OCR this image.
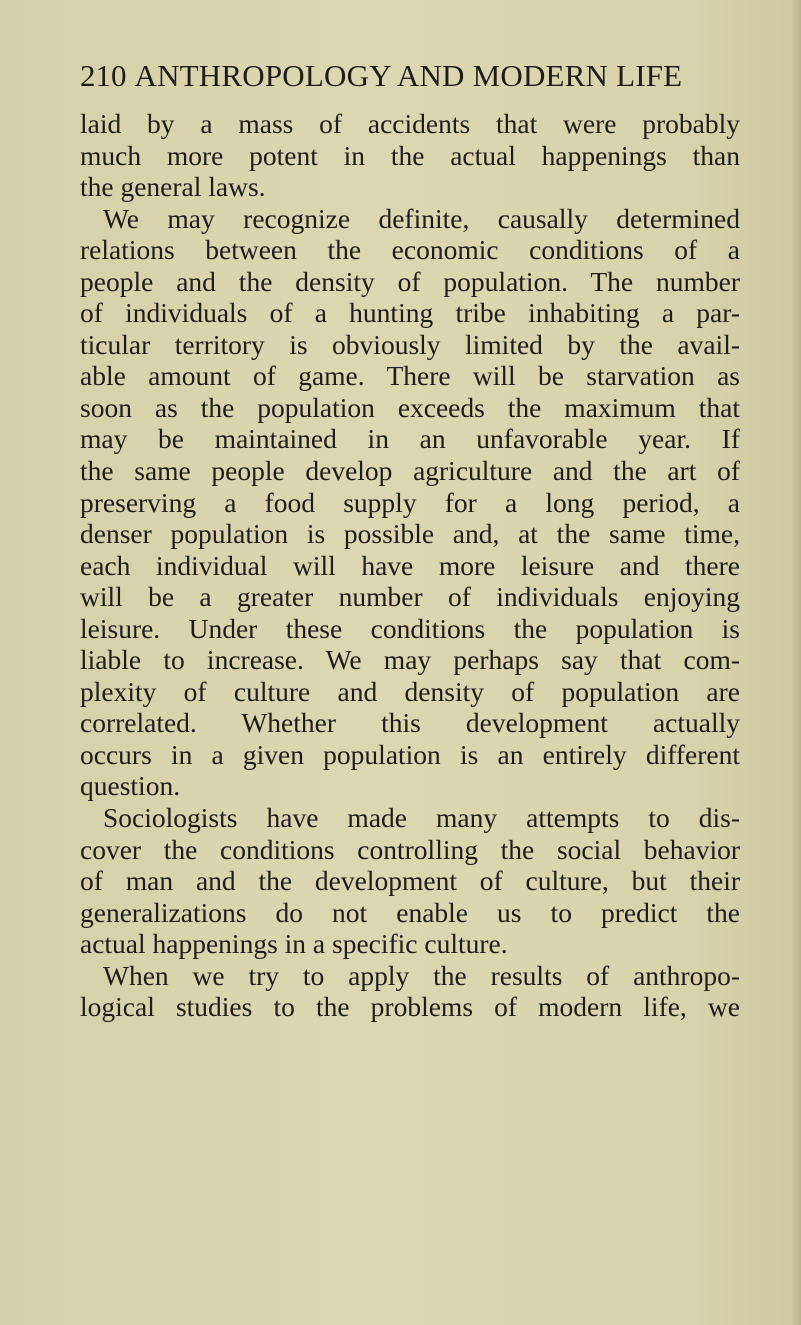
210 ANTHROPOLOGY AND MODERN LIFE
laid by a mass of accidents that were probably
much more potent in the actual happenings than
the general laws.
We may recognize definite, causally determined
relations between the economic conditions of a
people and the density of population. The number
of individuals of a hunting tribe inhabiting a par-
ticular territory is obviously limited by the avail-
able amount of game. There will be starvation as
soon as the population exceeds the maximum that
may be maintained in an unfavorable year. If
the same people develop agriculture and the art of
preserving a food supply for a long period, a
denser population is possible and, at the same time,
each individual will have more leisure and there
will be a greater number of individuals enjoying
leisure. Under these conditions the population is
liable to increase. We may perhaps say that com-
plexity of culture and density of population are
correlated. Whether this development actually
occurs in a given population is an entirely different
question.
Sociologists have made many attempts to dis-
cover the conditions controlling the social behavior
of man and the development of culture, but their
generalizations do not enable us to predict the
actual happenings in a specific culture.
When we try to apply the results of anthropo-
logical studies to the problems of modern life, we
